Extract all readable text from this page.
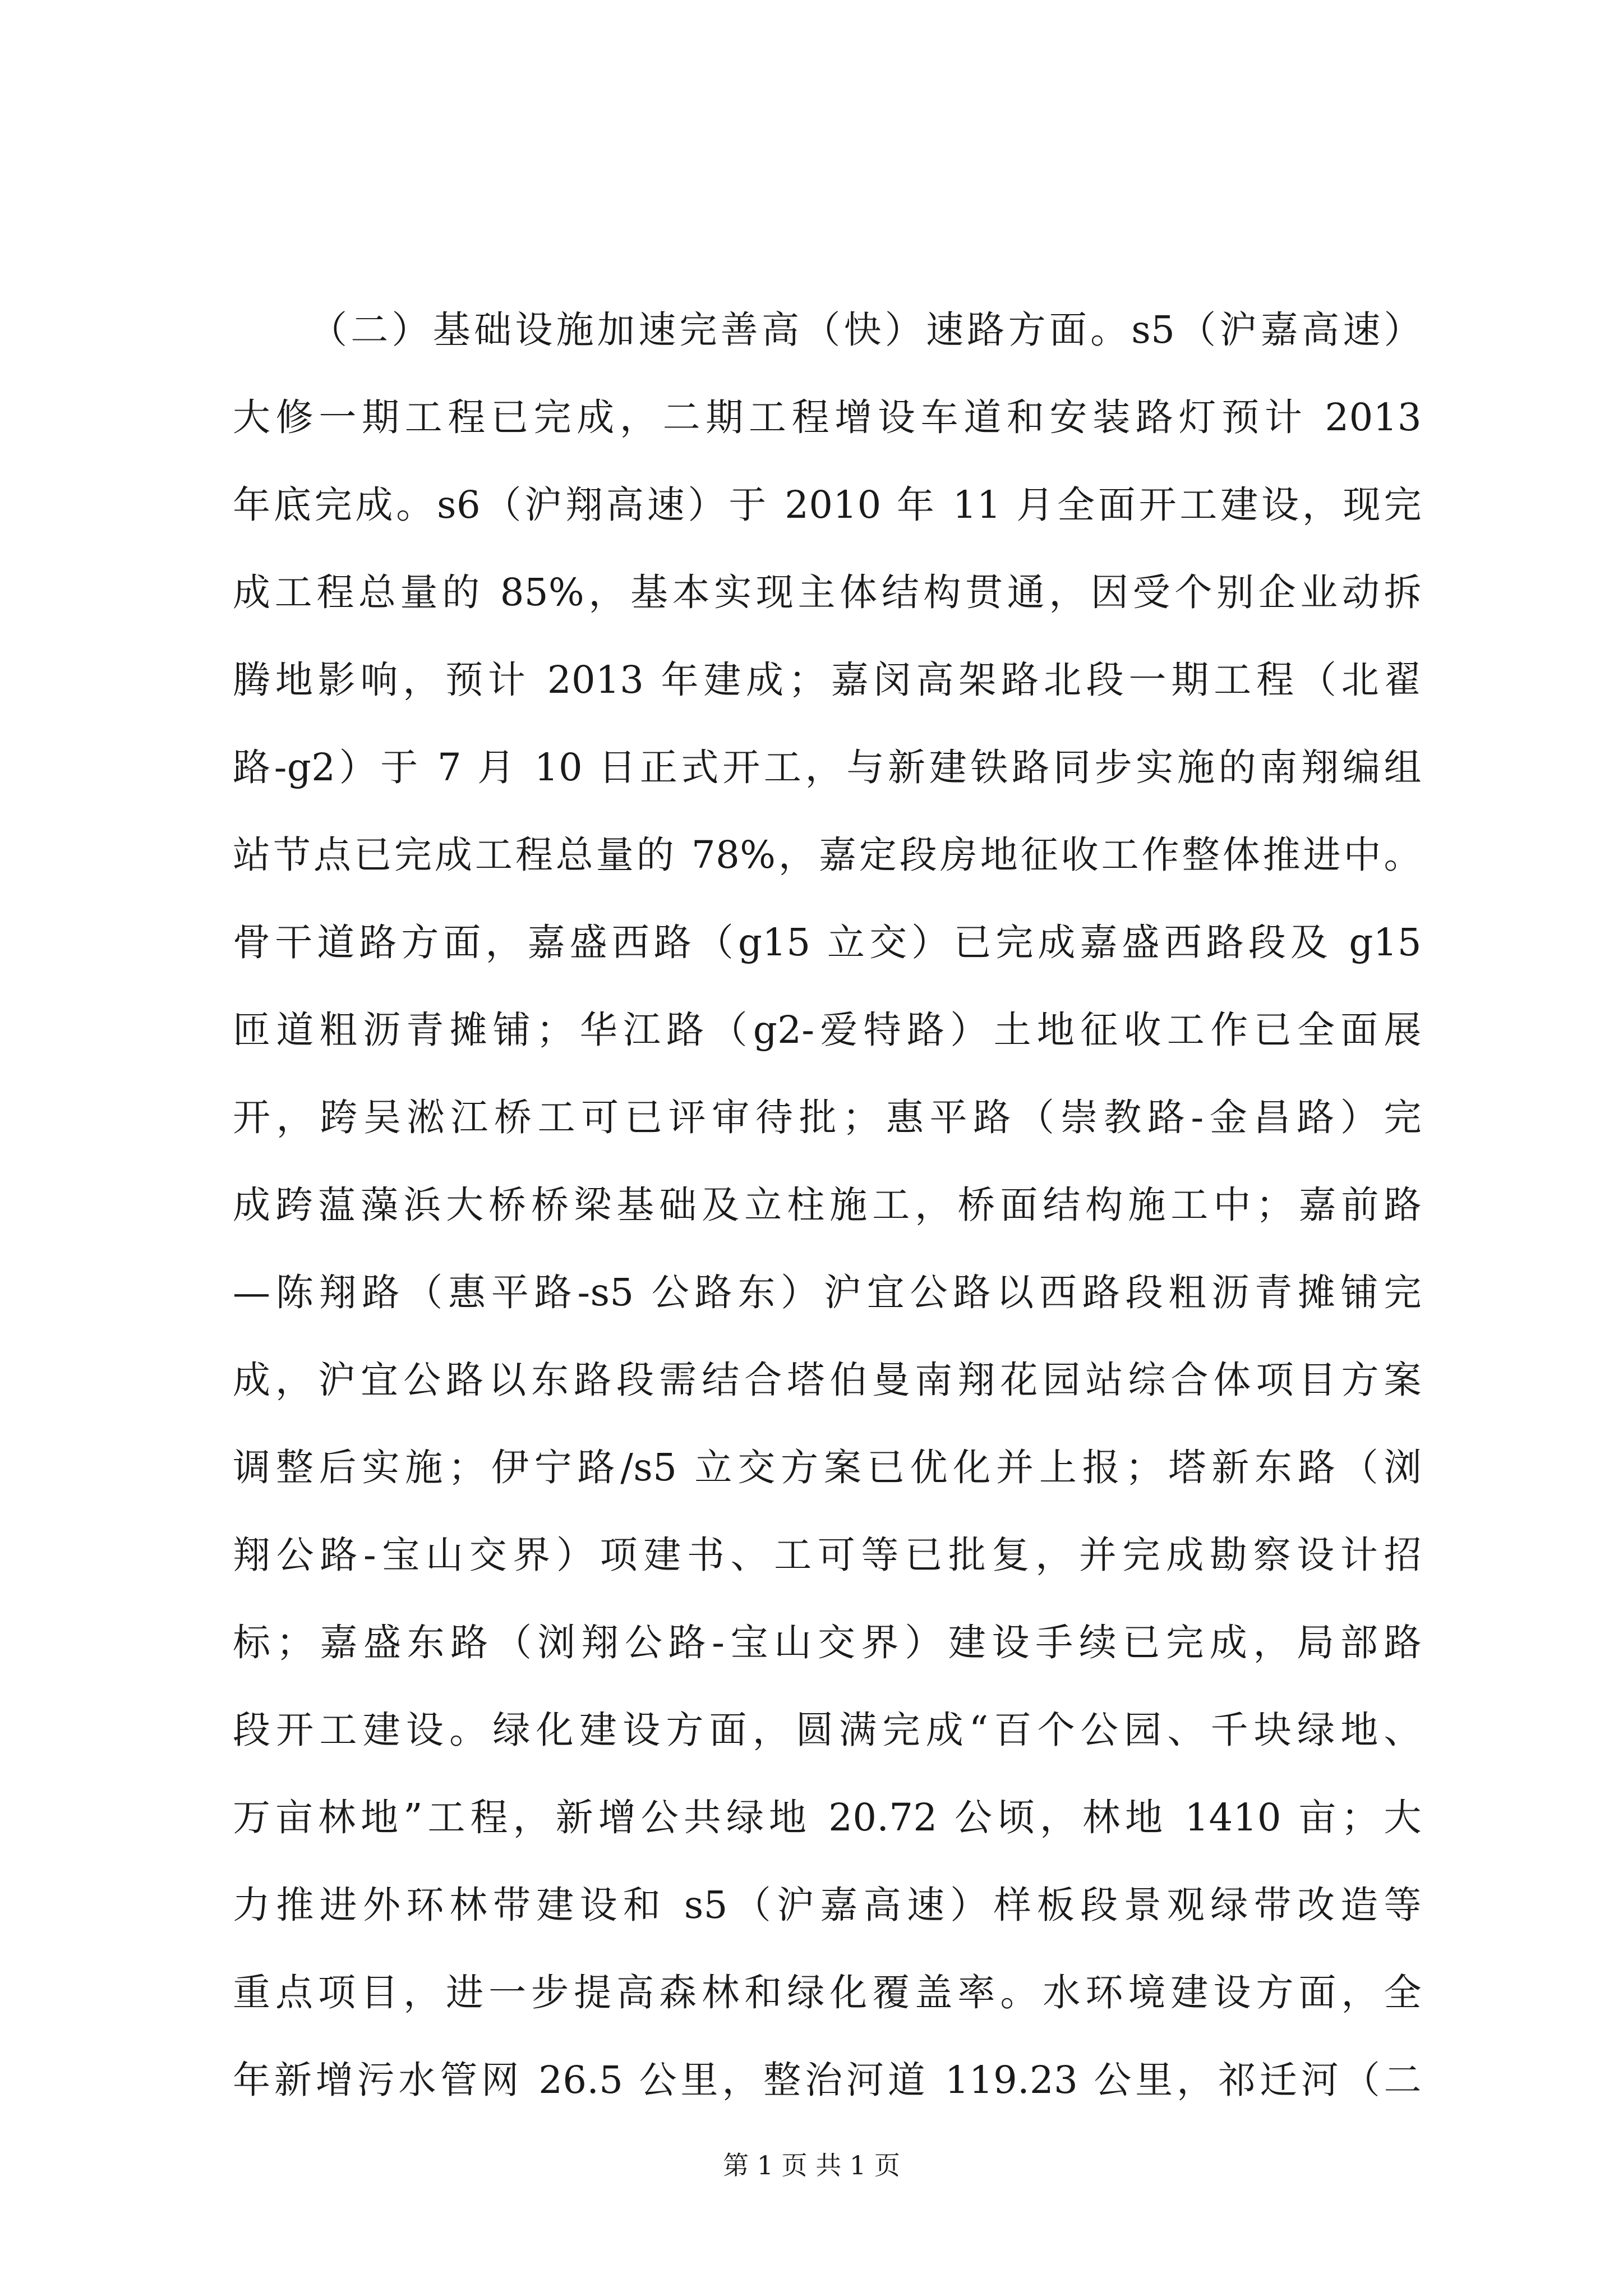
（二）基础设施加速完善高（快）速路方面。s5（沪嘉高速）
大修一期工程已完成，二期工程增设车道和安装路灯预计 2013
年底完成。s6（沪翔高速）于 2010 年 11 月全面开工建设，现完
成工程总量的 85%，基本实现主体结构贯通，因受个别企业动拆
腾地影响，预计 2013 年建成；嘉闵高架路北段一期工程（北翟
路-g2）于 7 月 10 日正式开工，与新建铁路同步实施的南翔编组
站节点已完成工程总量的 78%，嘉定段房地征收工作整体推进中。
骨干道路方面，嘉盛西路（g15 立交）已完成嘉盛西路段及 g15
匝道粗沥青摊铺；华江路（g2-爱特路）土地征收工作已全面展
开，跨吴淞江桥工可已评审待批；惠平路（崇教路-金昌路）完
成跨蕰藻浜大桥桥梁基础及立柱施工，桥面结构施工中；嘉前路
—陈翔路（惠平路-s5 公路东）沪宜公路以西路段粗沥青摊铺完
成，沪宜公路以东路段需结合塔伯曼南翔花园站综合体项目方案
调整后实施；伊宁路/s5 立交方案已优化并上报；塔新东路（浏
翔公路-宝山交界）项建书、工可等已批复，并完成勘察设计招
标；嘉盛东路（浏翔公路-宝山交界）建设手续已完成，局部路
段开工建设。绿化建设方面，圆满完成“百个公园、千块绿地、
万亩林地”工程，新增公共绿地 20.72 公顷，林地 1410 亩；大
力推进外环林带建设和 s5（沪嘉高速）样板段景观绿带改造等
重点项目，进一步提高森林和绿化覆盖率。水环境建设方面，全
年新增污水管网 26.5 公里，整治河道 119.23 公里，祁迁河（二
第 1 页 共 1 页
